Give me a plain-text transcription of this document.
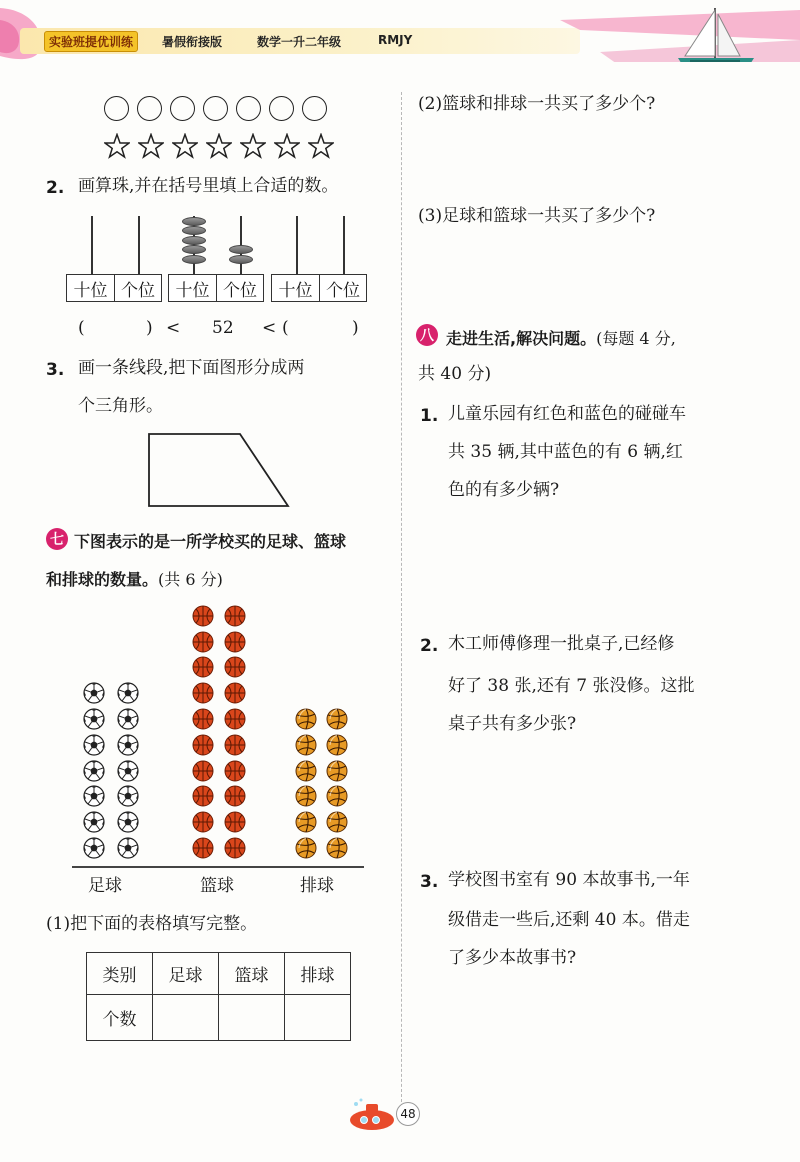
实验班提优训练	暑假衔接版	数学一升二年级	RMJY
2. 画算珠,并在括号里填上合适的数。
十位 个位	十位 个位	十位 个位
(	) < 52 < (	)
3. 画一条线段,把下面图形分成两
个三角形。
七 下图表示的是一所学校买的足球、篮球
和排球的数量。(共 6 分)
足球	篮球	排球
(1)把下面的表格填写完整。
类别	足球	篮球	排球
个数			
(2)篮球和排球一共买了多少个?
(3)足球和篮球一共买了多少个?
八 走进生活,解决问题。(每题 4 分,
共 40 分)
1. 儿童乐园有红色和蓝色的碰碰车
共 35 辆,其中蓝色的有 6 辆,红
色的有多少辆?
2. 木工师傅修理一批桌子,已经修
好了 38 张,还有 7 张没修。这批
桌子共有多少张?
3. 学校图书室有 90 本故事书,一年
级借走一些后,还剩 40 本。借走
了多少本故事书?
48
